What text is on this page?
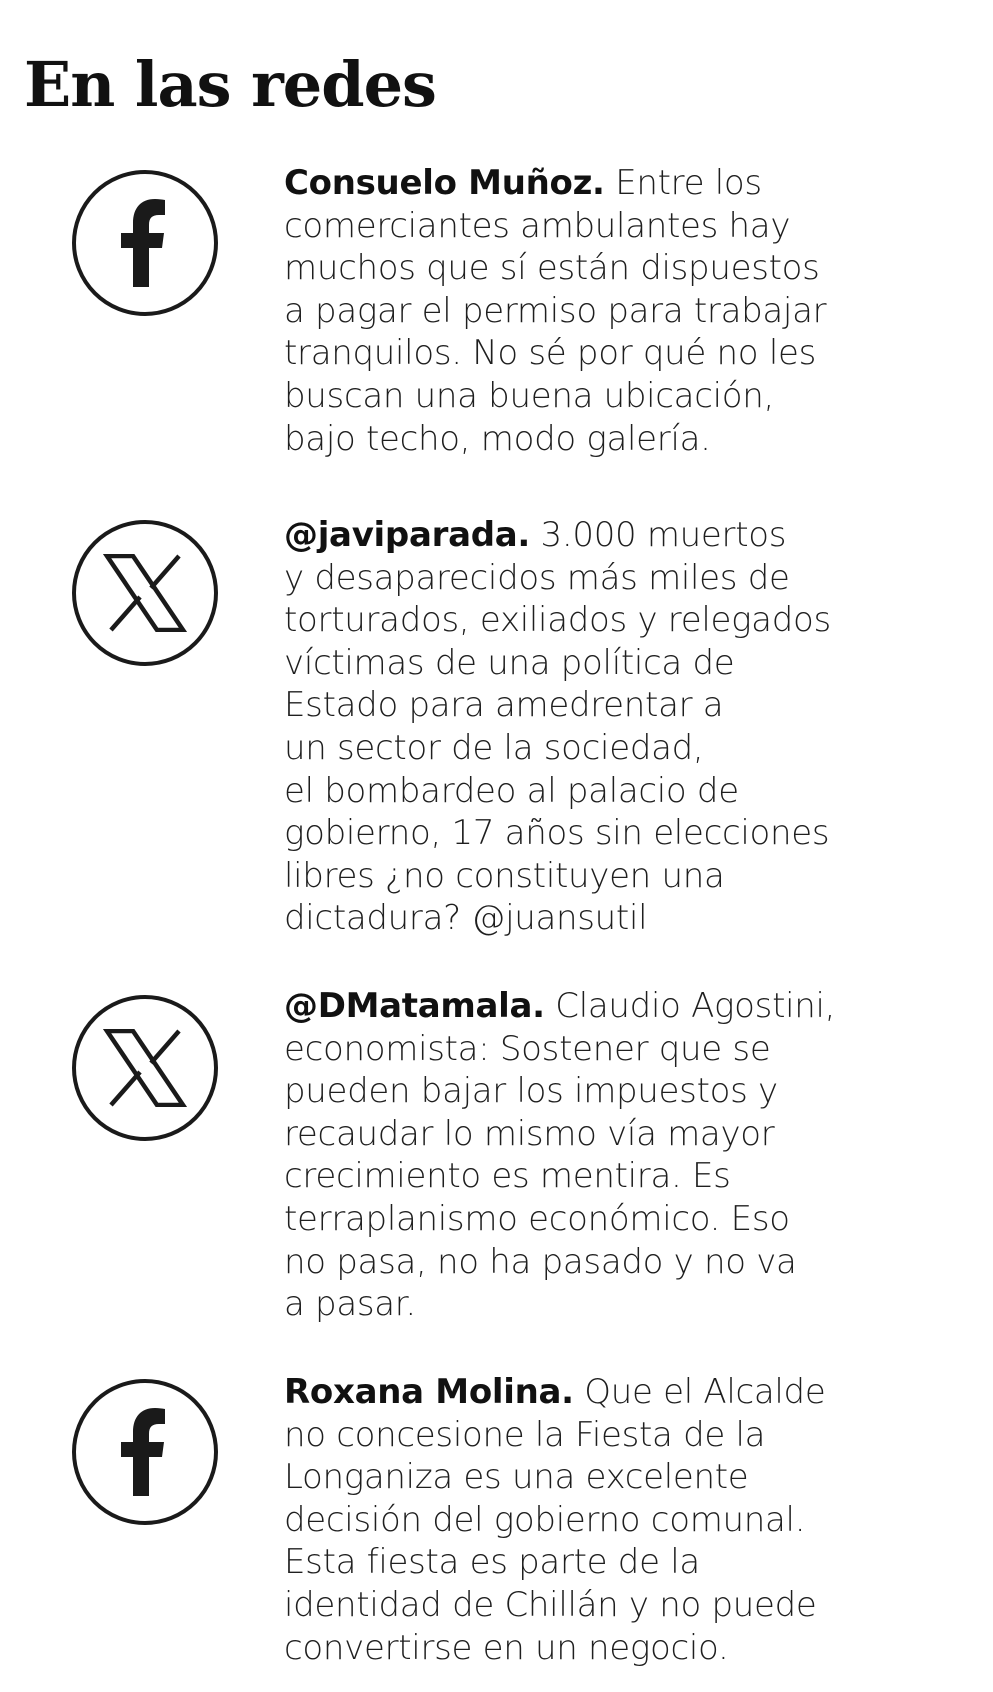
En las redes

Consuelo Muñoz. Entre los
comerciantes ambulantes hay
muchos que sí están dispuestos
a pagar el permiso para trabajar
tranquilos. No sé por qué no les
buscan una buena ubicación,
bajo techo, modo galería.

@javiparada. 3.000 muertos
y desaparecidos más miles de
torturados, exiliados y relegados
víctimas de una política de
Estado para amedrentar a
un sector de la sociedad,
el bombardeo al palacio de
gobierno, 17 años sin elecciones
libres ¿no constituyen una
dictadura? @juansutil

@DMatamala. Claudio Agostini,
economista: Sostener que se
pueden bajar los impuestos y
recaudar lo mismo vía mayor
crecimiento es mentira. Es
terraplanismo económico. Eso
no pasa, no ha pasado y no va
a pasar.

Roxana Molina. Que el Alcalde
no concesione la Fiesta de la
Longaniza es una excelente
decisión del gobierno comunal.
Esta fiesta es parte de la
identidad de Chillán y no puede
convertirse en un negocio.
